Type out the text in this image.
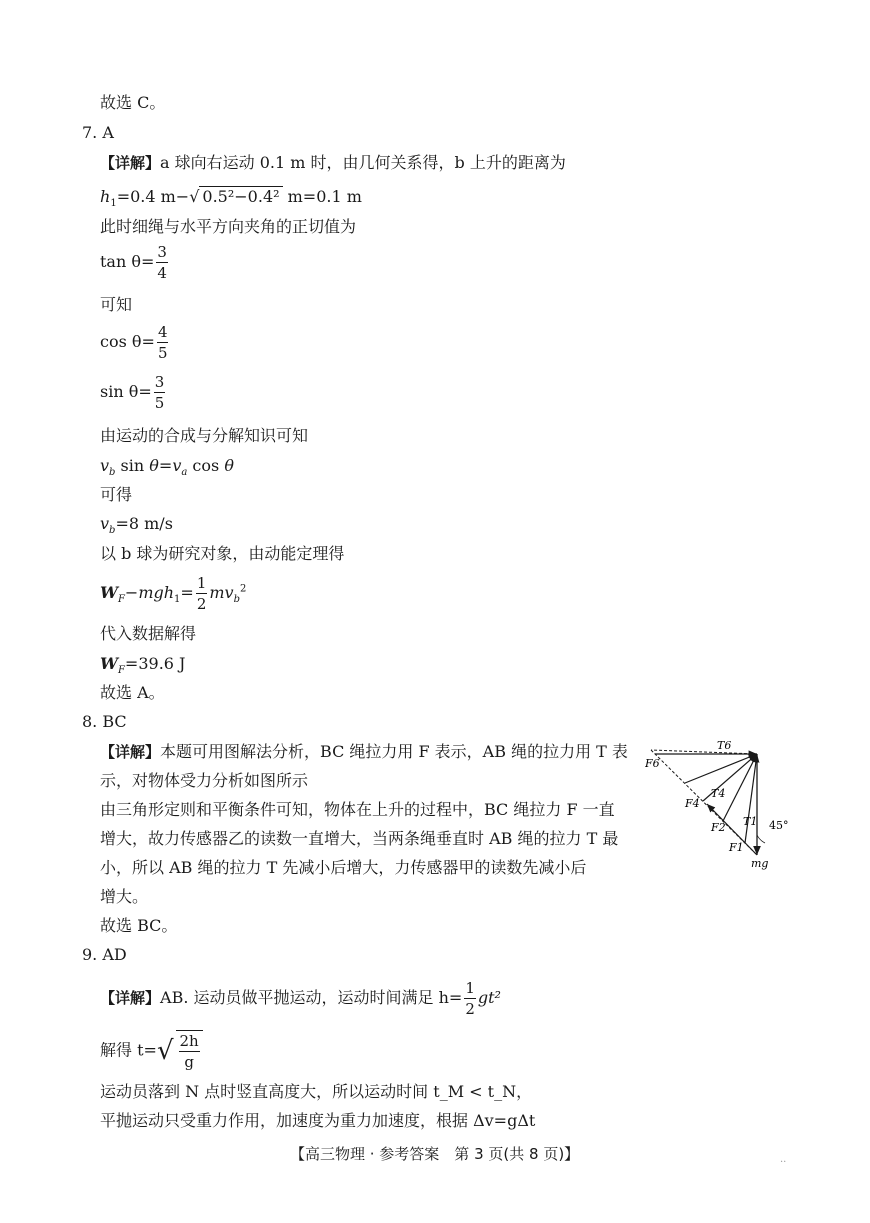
故选 C。
7. A
【详解】a 球向右运动 0.1 m 时，由几何关系得，b 上升的距离为
$h_1=0.4$ m−√ 0.5²−0.4² m=0.1 m
此时细绳与水平方向夹角的正切值为
$\tan \theta= \frac{3}{4}$
可知
$\cos \theta= \frac{4}{5}$
$\sin \theta= \frac{3}{5}$
由运动的合成与分解知识可知
$v_b$ $\sin \theta=v_a$ cos θ
可得
$v_b=8$ m/s
以 b 球为研究对象，由动能定理得
$W_F-mgh_1= \frac{1}{2} mv_b^2$
代入数据解得
$W_F=39.6$ J
故选 A。
8. BC
【详解】本题可用图解法分析，BC 绳拉力用 F 表示，AB 绳的拉力用 T 表
示，对物体受力分析如图所示
由三角形定则和平衡条件可知，物体在上升的过程中，BC 绳拉力 F 一直
增大，故力传感器乙的读数一直增大，当两条绳垂直时 AB 绳的拉力 T 最
小，所以 AB 绳的拉力 T 先减小后增大，力传感器甲的读数先减小后
增大。
故选 BC。
T6
F6
T4
F4
F2 T1 45°
F1
mg
9. AD
【详解】AB. 运动员做平抛运动，运动时间满足 $h= \frac{1}{2} gt^2$
解得 $t=√ \frac{2h}{g}$
运动员落到 N 点时竖直高度大，所以运动时间 t_M < t_N，
平抛运动只受重力作用，加速度为重力加速度，根据 Δv=gΔt
【高三物理 · 参考答案　第 3 页(共 8 页)】	..
